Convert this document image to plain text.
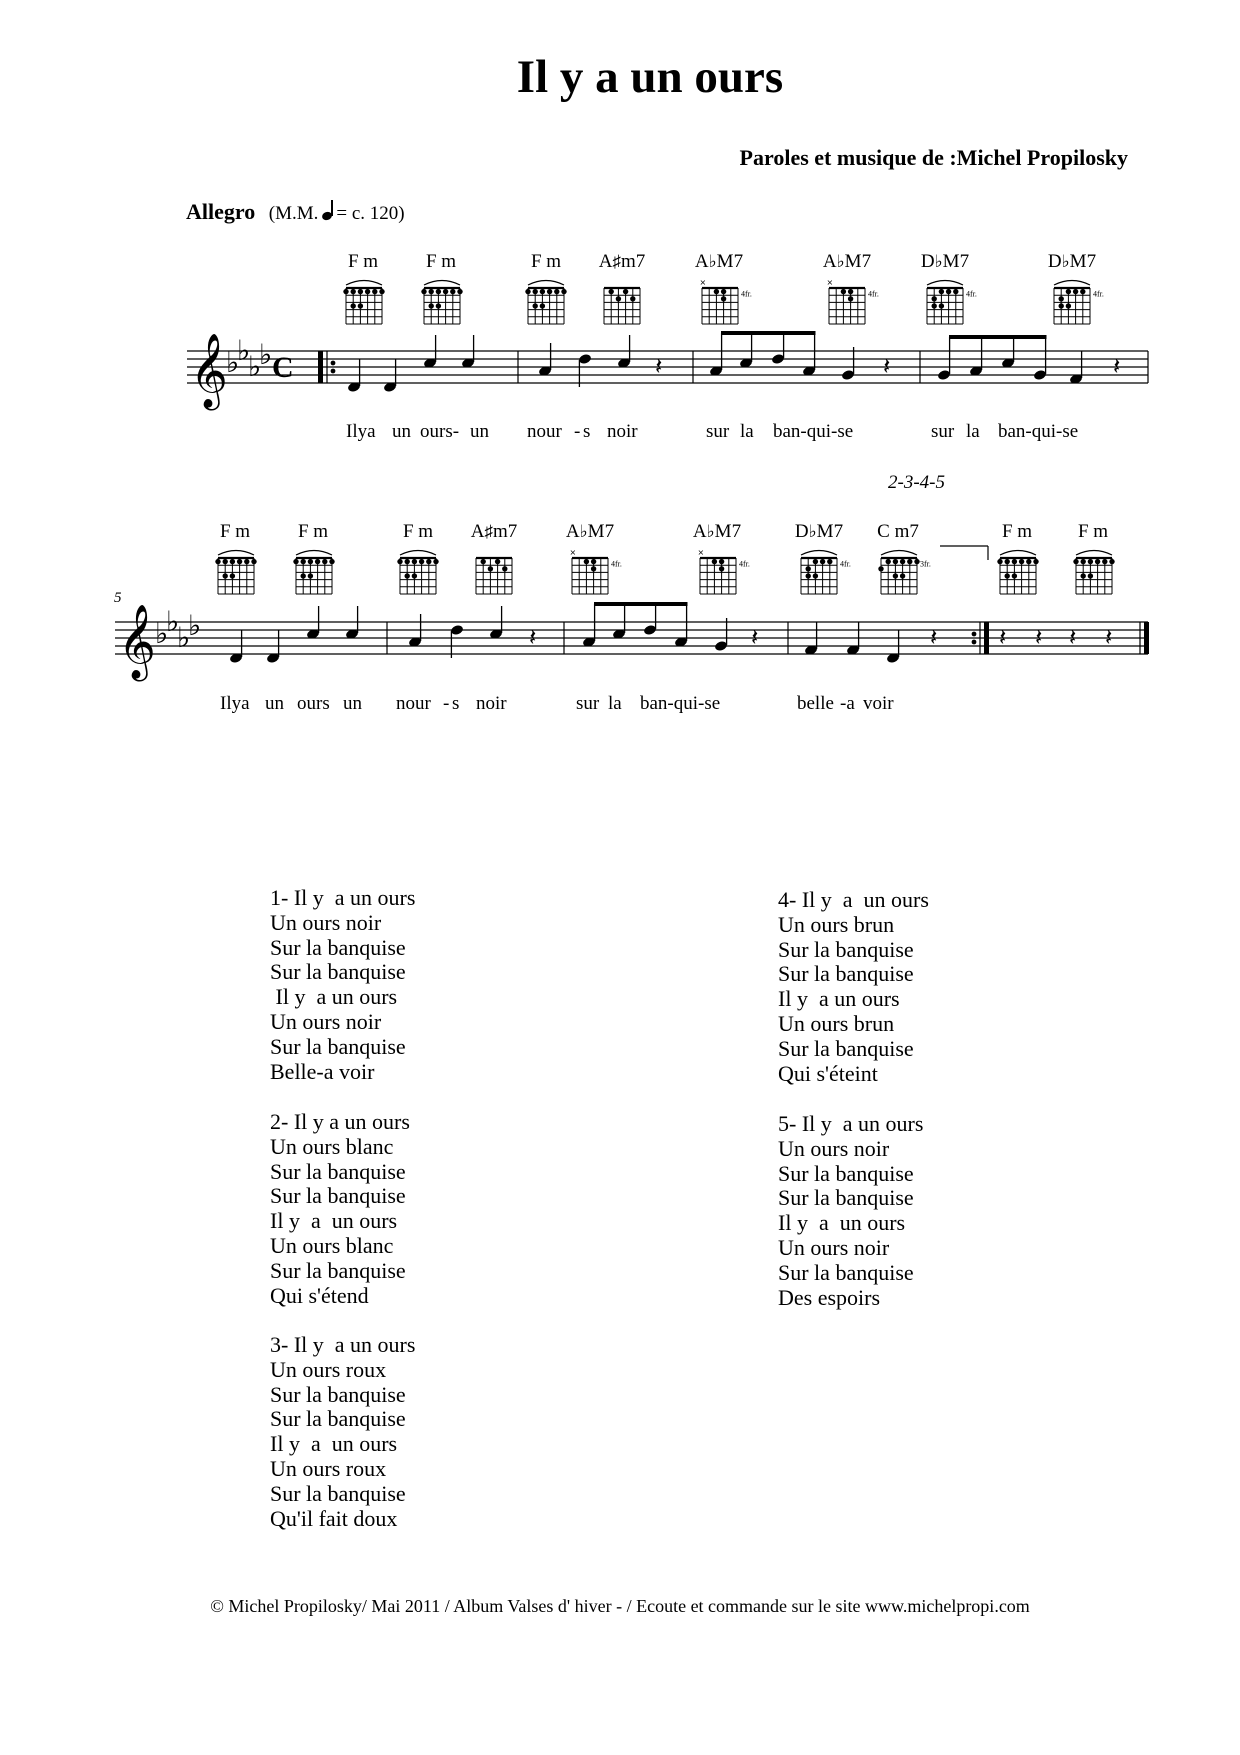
Il y a un ours
Paroles et musique de :Michel Propilosky
Allegro (M.M. = c. 120)
2-3-4-5
5
F m	F m	F m	A♯m7	A♭M7	A♭M7	D♭M7	D♭M7
F m	F m	F m	A♯m7	A♭M7	A♭M7	D♭M7	C m7	F m	F m
Ilya un ours- un nour - s noir	sur la ban-qui-se	sur la ban-qui-se
Ilya un ours un nour - s noir	sur la ban-qui-se	belle -a voir
𝄞
♭
♭
♭
♭ C	𝄽	𝄽	𝄽
×
4fr.
×
4fr.	4fr.	4fr.
𝄞 ♭
♭
♭
♭	𝄽	𝄽	𝄽	𝄽 𝄽 𝄽 𝄽
×
4fr.
×
4fr.	4fr.	3fr.
1- Il y  a un ours
Un ours noir
Sur la banquise
Sur la banquise
Il y  a un ours
Un ours noir
Sur la banquise
Belle-a voir
2- Il y a un ours
Un ours blanc
Sur la banquise
Sur la banquise
Il y  a  un ours
Un ours blanc
Sur la banquise
Qui s'étend
3- Il y  a un ours
Un ours roux
Sur la banquise
Sur la banquise
Il y  a  un ours
Un ours roux
Sur la banquise
Qu'il fait doux
4- Il y  a  un ours
Un ours brun
Sur la banquise
Sur la banquise
Il y  a un ours
Un ours brun
Sur la banquise
Qui s'éteint
5- Il y  a un ours
Un ours noir
Sur la banquise
Sur la banquise
Il y  a  un ours
Un ours noir
Sur la banquise
Des espoirs
© Michel Propilosky/ Mai 2011 / Album Valses d' hiver - / Ecoute et commande sur le site www.michelpropi.com
